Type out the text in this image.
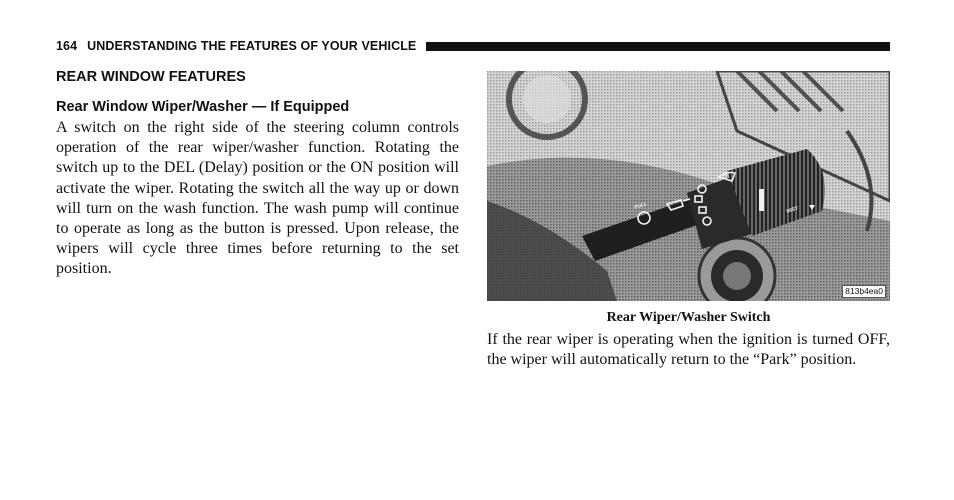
164 UNDERSTANDING THE FEATURES OF YOUR VEHICLE
REAR WINDOW FEATURES
Rear Window Wiper/Washer — If Equipped

A switch on the right side of the steering column controls operation of the rear wiper/washer function. Rotating the switch up to the DEL (Delay) position or the ON position will activate the wiper. Rotating the switch all the way up or down will turn on the wash function. The wash pump will continue to operate as long as the button is pressed. Upon release, the wipers will cycle three times before returning to the set position.

PULL	MIST
813b4ea0

Rear Wiper/Washer Switch

If the rear wiper is operating when the ignition is turned OFF, the wiper will automatically return to the “Park” position.
